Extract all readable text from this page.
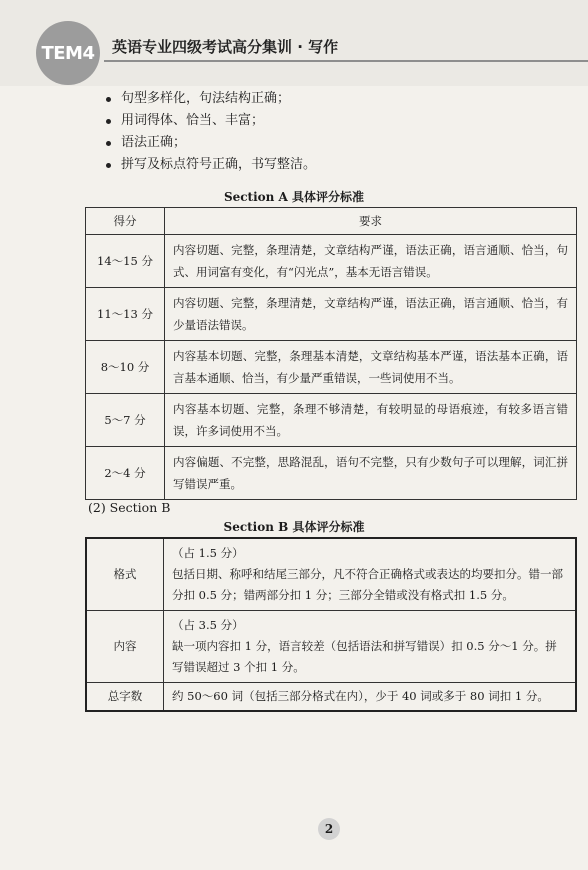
TEM4	英语专业四级考试高分集训 · 写作
句型多样化，句法结构正确；
用词得体、恰当、丰富；
语法正确；
拼写及标点符号正确，书写整洁。
Section A 具体评分标准
得分	要求
14～15 分	内容切题、完整，条理清楚，文章结构严谨，语法正确，语言通顺、恰当，句式、用词富有变化，有“闪光点”，基本无语言错误。
11～13 分	内容切题、完整，条理清楚，文章结构严谨，语法正确，语言通顺、恰当，有少量语法错误。
8～10 分	内容基本切题、完整，条理基本清楚，文章结构基本严谨，语法基本正确，语言基本通顺、恰当，有少量严重错误，一些词使用不当。
5～7 分	内容基本切题、完整，条理不够清楚，有较明显的母语痕迹，有较多语言错误，许多词使用不当。
2～4 分	内容偏题、不完整，思路混乱，语句不完整，只有少数句子可以理解，词汇拼写错误严重。
(2) Section B
Section B 具体评分标准
格式	（占 1.5 分）
包括日期、称呼和结尾三部分，凡不符合正确格式或表达的均要扣分。错一部分扣 0.5 分；错两部分扣 1 分；三部分全错或没有格式扣 1.5 分。

内容	（占 3.5 分）
缺一项内容扣 1 分，语言较差（包括语法和拼写错误）扣 0.5 分～1 分。拼写错误超过 3 个扣 1 分。

总字数	约 50～60 词（包括三部分格式在内），少于 40 词或多于 80 词扣 1 分。
2
